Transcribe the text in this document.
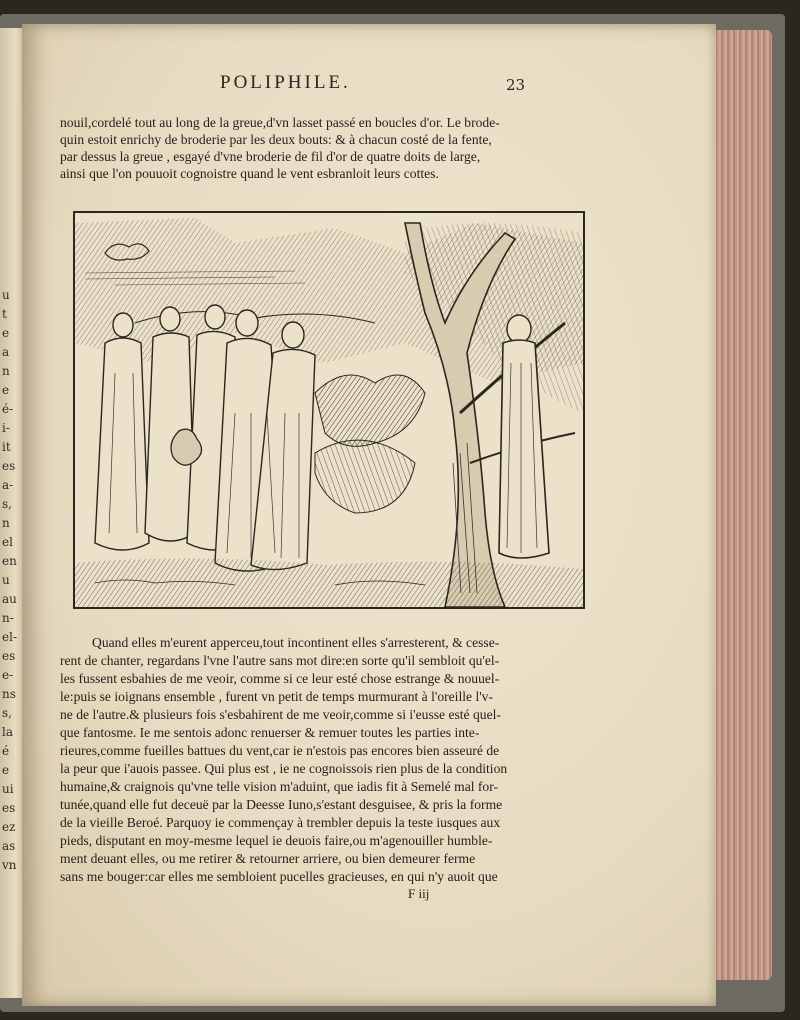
u
t
e
a
n
e
é-
i-
it
es
a-
s,
n
el
en
u
au
n-
el-
es
e-
ns
s,
la
é
e
ui
es
ez
as
vn
POLIPHILE.	23
nouil,cordelé tout au long de la greue,d'vn lasset passé en boucles d'or. Le brode-
quin estoit enrichy de broderie par les deux bouts: & à chacun costé de la fente,
par dessus la greue , esgayé d'vne broderie de fil d'or de quatre doits de large,
ainsi que l'on pouuoit cognoistre quand le vent esbranloit leurs cottes.
Quand elles m'eurent apperceu,tout incontinent elles s'arresterent, & cesse-
rent de chanter, regardans l'vne l'autre sans mot dire:en sorte qu'il sembloit qu'el-
les fussent esbahies de me veoir, comme si ce leur esté chose estrange & nouuel-
le:puis se ioignans ensemble , furent vn petit de temps murmurant à l'oreille l'v-
ne de l'autre.& plusieurs fois s'esbahirent de me veoir,comme si i'eusse esté quel-
que fantosme. Ie me sentois adonc renuerser & remuer toutes les parties inte-
rieures,comme fueilles battues du vent,car ie n'estois pas encores bien asseuré de
la peur que i'auois passee. Qui plus est , ie ne cognoissois rien plus de la condition
humaine,& craignois qu'vne telle vision m'aduint, que iadis fit à Semelé mal for-
tunée,quand elle fut deceuë par la Deesse Iuno,s'estant desguisee, & pris la forme
de la vieille Beroé. Parquoy ie commençay à trembler depuis la teste iusques aux
pieds, disputant en moy-mesme lequel ie deuois faire,ou m'agenouiller humble-
ment deuant elles, ou me retirer & retourner arriere, ou bien demeurer ferme
sans me bouger:car elles me sembloient pucelles gracieuses, en qui n'y auoit que
F iij
